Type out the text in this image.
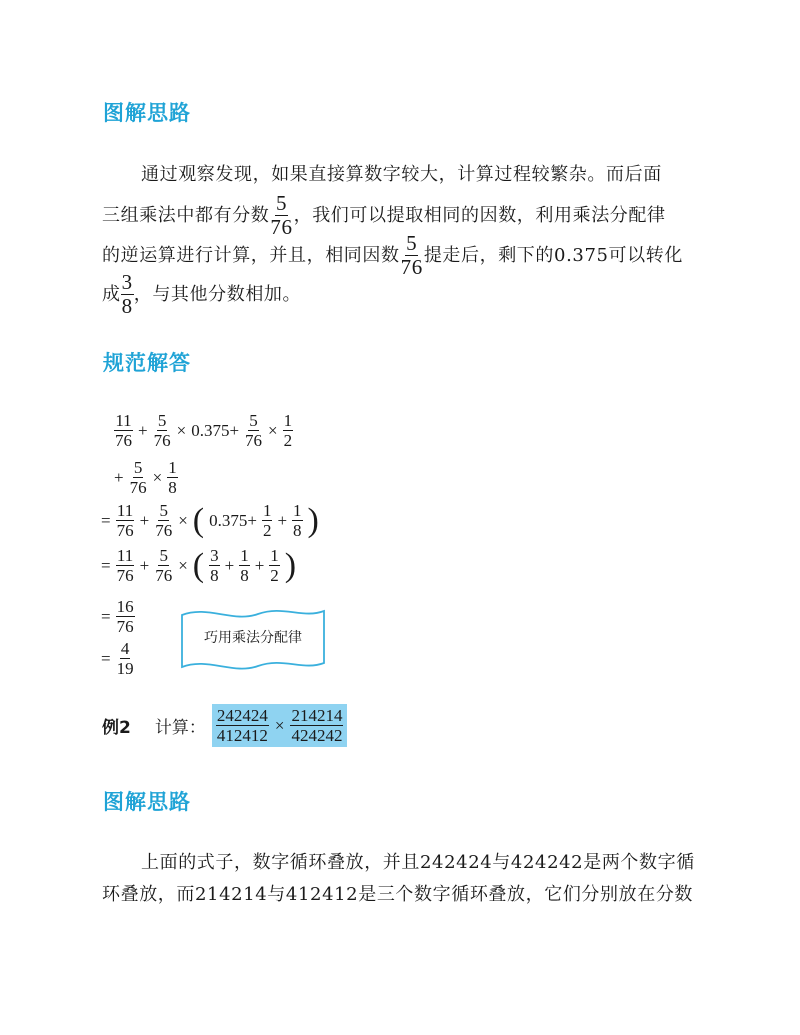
图解思路
通过观察发现，如果直接算数字较大，计算过程较繁杂。而后面
三组乘法中都有分数 $\frac{5}{76}$ ，我们可以提取相同的因数，利用乘法分配律
的逆运算进行计算，并且，相同因数 $\frac{5}{76}$ 提走后，剩下的0.375可以转化
成 $\frac{3}{8}$ ，与其他分数相加。
规范解答
$\frac{11}{76} + \frac{5}{76} \times 0.375+ \frac{5}{76} \times \frac{1}{2}$
+ $\frac{5}{76} \times \frac{1}{8}$
= $\frac{11}{76} + \frac{5}{76}$ × ( $0.375+ \frac{1}{2} + \frac{1}{8}$ )
= $\frac{11}{76} + \frac{5}{76}$ × ( $\frac{3}{8} + \frac{1}{8} + \frac{1}{2}$ )
= $\frac{16}{76}$
= $\frac{4}{19}$
巧用乘法分配律
例2 计算： $\frac{242424}{412412} \times \frac{214214}{424242}$
图解思路
上面的式子，数字循环叠放，并且242424与424242是两个数字循
环叠放，而214214与412412是三个数字循环叠放，它们分别放在分数
